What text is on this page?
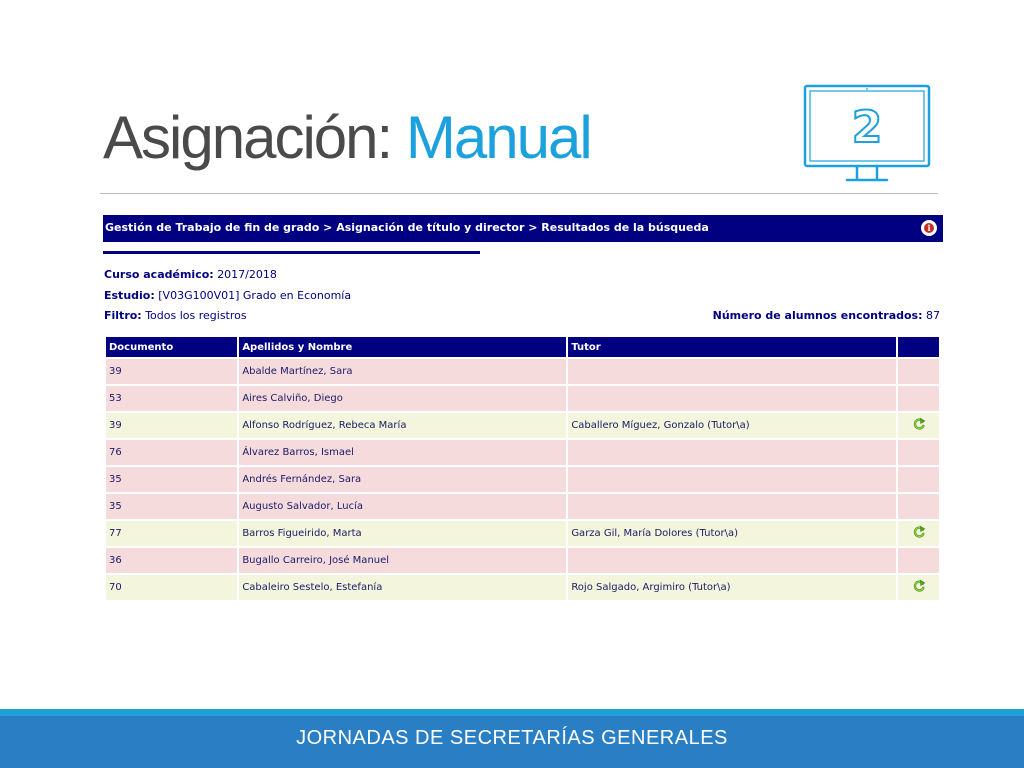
Asignación: Manual	2
Gestión de Trabajo de fin de grado > Asignación de título y director > Resultados de la búsqueda	i
Curso académico: 2017/2018
Estudio: [V03G100V01] Grado en Economía
Filtro: Todos los registros	Número de alumnos encontrados: 87
Documento	Apellidos y Nombre	Tutor	
39	Abalde Martínez, Sara		
53	Aires Calviño, Diego		
39	Alfonso Rodríguez, Rebeca María	Caballero Míguez, Gonzalo (Tutor\a)	
76	Álvarez Barros, Ismael		
35	Andrés Fernández, Sara		
35	Augusto Salvador, Lucía		
77	Barros Figueirido, Marta	Garza Gil, María Dolores (Tutor\a)	
36	Bugallo Carreiro, José Manuel		
70	Cabaleiro Sestelo, Estefanía	Rojo Salgado, Argimiro (Tutor\a)	
JORNADAS DE SECRETARÍAS GENERALES
